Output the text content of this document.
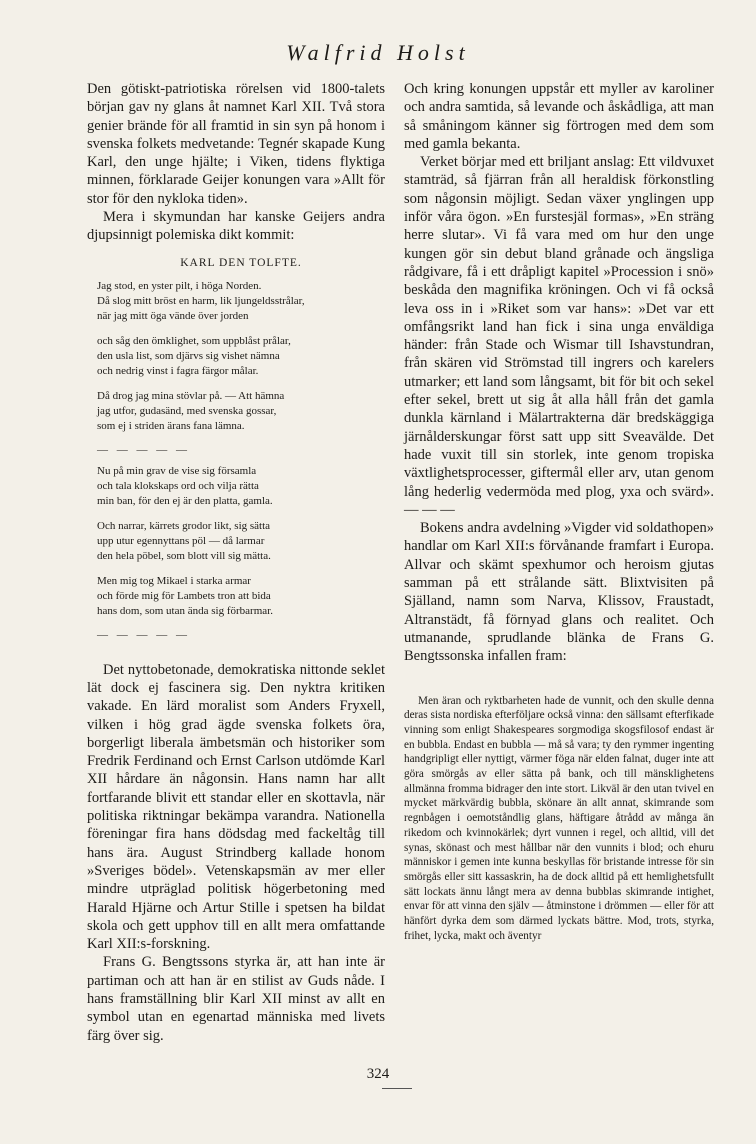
Walfrid Holst

Den götiskt-patriotiska rörelsen vid 1800-talets början gav ny glans åt namnet Karl XII. Två stora genier brände för all framtid in sin syn på honom i svenska folkets medvetande: Tegnér skapade Kung Karl, den unge hjälte; i Viken, tidens flyktiga minnen, förklarade Geijer konungen vara »Allt för stor för den nykloka tiden».

Mera i skymundan har kanske Geijers andra djupsinnigt polemiska dikt kommit:

KARL DEN TOLFTE.
Jag stod, en yster pilt, i höga Norden.
Då slog mitt bröst en harm, lik ljungeldsstrålar,
när jag mitt öga vände över jorden
och såg den ömklighet, som uppblåst prålar,
den usla list, som djärvs sig vishet nämna
och nedrig vinst i fagra färgor målar.
Då drog jag mina stövlar på. — Att hämna
jag utfor, gudasänd, med svenska gossar,
som ej i striden ärans fana lämna.
— — — — —
Nu på min grav de vise sig församla
och tala klokskaps ord och vilja rätta
min ban, för den ej är den platta, gamla.
Och narrar, kärrets grodor likt, sig sätta
upp utur egennyttans pöl — då larmar
den hela pöbel, som blott vill sig mätta.
Men mig tog Mikael i starka armar
och förde mig för Lambets tron att bida
hans dom, som utan ända sig förbarmar.
— — — — —

Det nyttobetonade, demokratiska nittonde seklet lät dock ej fascinera sig. Den nyktra kritiken vakade. En lärd moralist som Anders Fryxell, vilken i hög grad ägde svenska folkets öra, borgerligt liberala ämbetsmän och historiker som Fredrik Ferdinand och Ernst Carlson utdömde Karl XII hårdare än någonsin. Hans namn har allt fortfarande blivit ett standar eller en skottavla, när politiska riktningar bekämpa varandra. Nationella föreningar fira hans dödsdag med fackeltåg till hans ära. August Strindberg kallade honom »Sveriges bödel». Vetenskapsmän av mer eller mindre utpräglad politisk högerbetoning med Harald Hjärne och Artur Stille i spetsen ha bildat skola och gett upphov till en allt mera omfattande Karl XII:s-forskning.

Frans G. Bengtssons styrka är, att han inte är partiman och att han är en stilist av Guds nåde. I hans framställning blir Karl XII minst av allt en symbol utan en egenartad människa med livets färg över sig.

Och kring konungen uppstår ett myller av karoliner och andra samtida, så levande och åskådliga, att man så småningom känner sig förtrogen med dem som med gamla bekanta.

Verket börjar med ett briljant anslag: Ett vildvuxet stamträd, så fjärran från all heraldisk förkonstling som någonsin möjligt. Sedan växer ynglingen upp inför våra ögon. »En furstesjäl formas», »En sträng herre slutar». Vi få vara med om hur den unge kungen gör sin debut bland grånade och ängsliga rådgivare, få i ett dråpligt kapitel »Procession i snö» beskåda den magnifika kröningen. Och vi få också leva oss in i »Riket som var hans»: »Det var ett omfångsrikt land han fick i sina unga enväldiga händer: från Stade och Wismar till Ishavstundran, från skären vid Strömstad till ingrers och karelers utmarker; ett land som långsamt, bit för bit och sekel efter sekel, brett ut sig åt alla håll från det gamla dunkla kärnland i Mälartrakterna där bredskäggiga järnålderskungar först satt upp sitt Sveavälde. Det hade vuxit till sin storlek, inte genom tropiska växtlighetsprocesser, giftermål eller arv, utan genom lång hederlig vedermöda med plog, yxa och svärd». — — —

Bokens andra avdelning »Vigder vid soldathopen» handlar om Karl XII:s förvånande framfart i Europa. Allvar och skämt spexhumor och heroism gjutas samman på ett strålande sätt. Blixtvisiten på Själland, namn som Narva, Klissov, Fraustadt, Altranstädt, få förnyad glans och realitet. Och utmanande, sprudlande blänka de Frans G. Bengtssonska infallen fram:

Men äran och ryktbarheten hade de vunnit, och den skulle denna deras sista nordiska efterföljare också vinna: den sällsamt efterfikade vinning som enligt Shakespeares sorgmodiga skogsfilosof endast är en bubbla. Endast en bubbla — må så vara; ty den rymmer ingenting handgripligt eller nyttigt, värmer föga när elden falnat, duger inte att göra smörgås av eller sätta på bank, och till mänsklighetens allmänna fromma bidrager den inte stort. Likväl är den utan tvivel en mycket märkvärdig bubbla, skönare än allt annat, skimrande som regnbågen i oemotståndlig glans, häftigare åtrådd av många än rikedom och kvinnokärlek; dyrt vunnen i regel, och alltid, vill det synas, skönast och mest hållbar när den vunnits i blod; och ehuru människor i gemen inte kunna beskyllas för bristande intresse för sin smörgås eller sitt kassaskrin, ha de dock alltid på ett hemlighetsfullt sätt lockats ännu långt mera av denna bubblas skimrande intighet, envar för att vinna den själv — åtminstone i drömmen — eller för att hänfört dyrka dem som därmed lyckats bättre. Mod, trots, styrka, frihet, lycka, makt och äventyr

324
